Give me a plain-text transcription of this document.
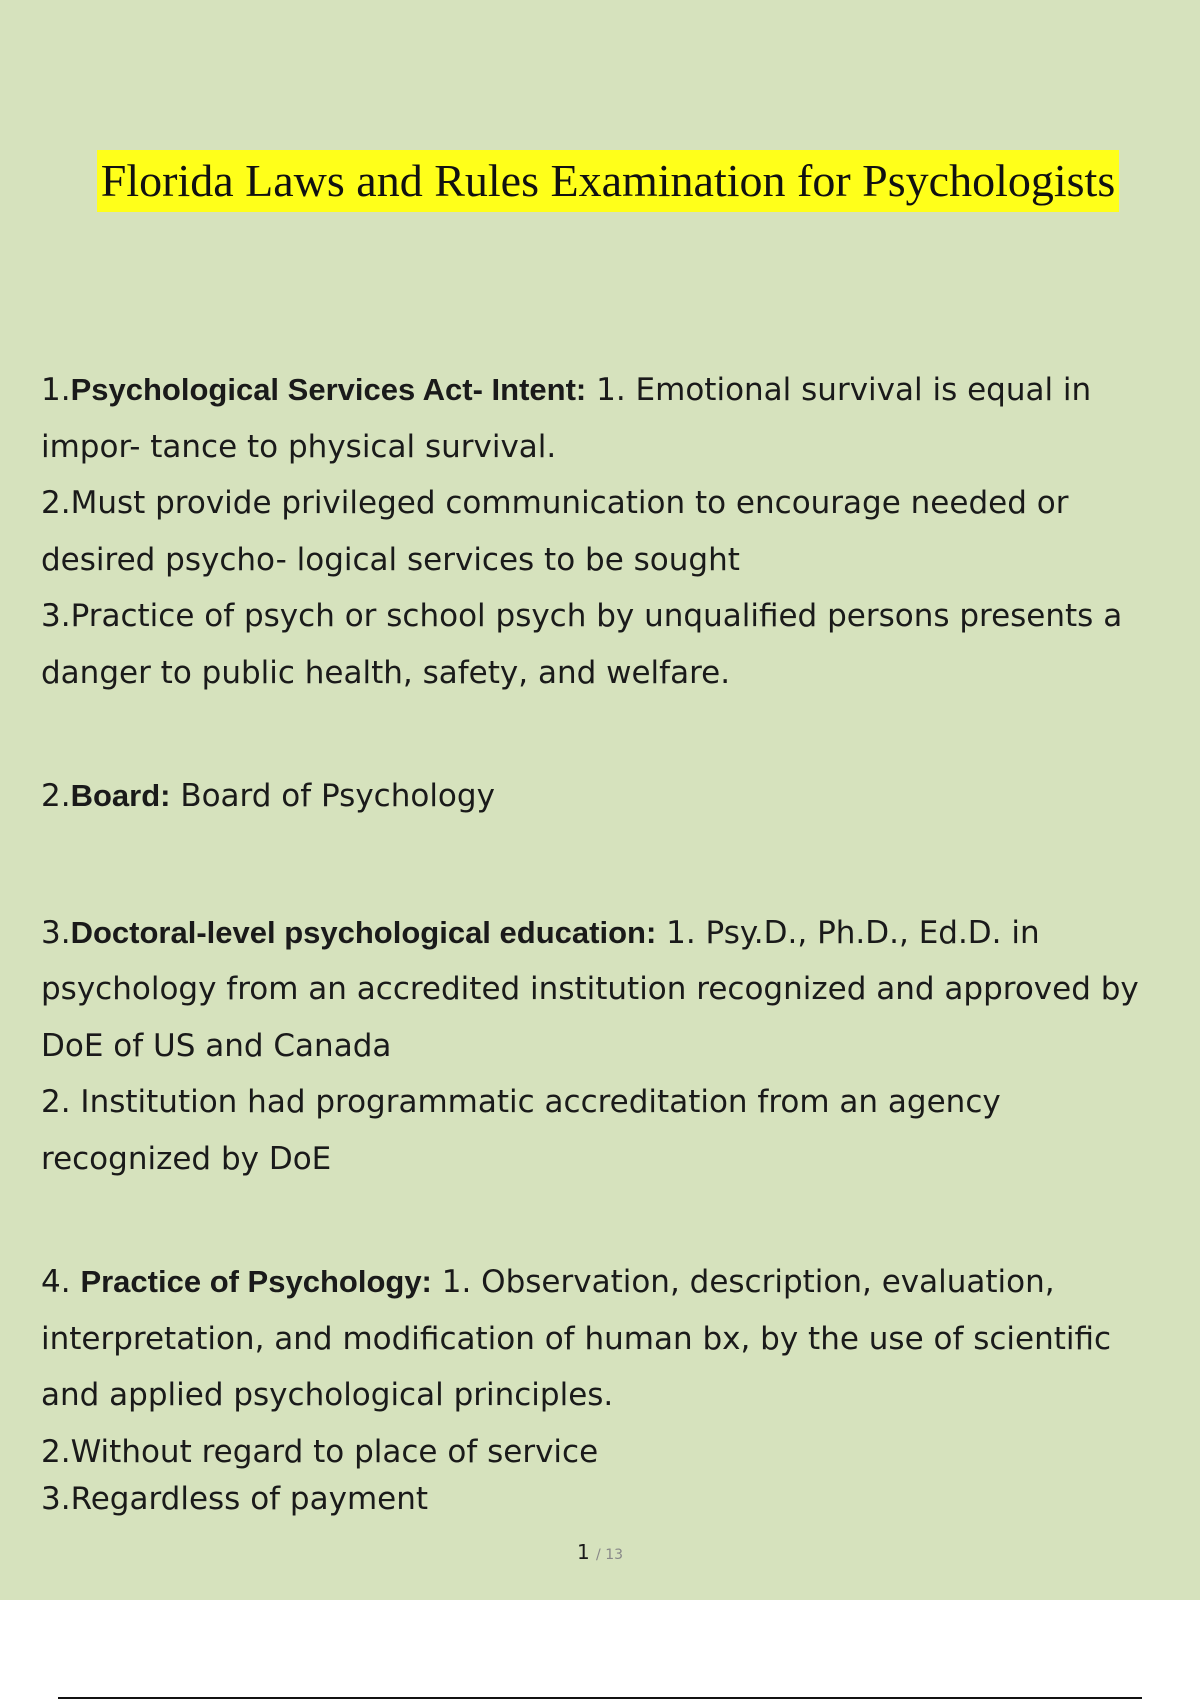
Florida Laws and Rules Examination for Psychologists
1.Psychological Services Act- Intent: 1. Emotional survival is equal in
impor- tance to physical survival.
2.Must provide privileged communication to encourage needed or
desired psycho- logical services to be sought
3.Practice of psych or school psych by unqualified persons presents a
danger to public health, safety, and welfare.
2.Board: Board of Psychology
3.Doctoral-level psychological education: 1. Psy.D., Ph.D., Ed.D. in
psychology from an accredited institution recognized and approved by
DoE of US and Canada
2. Institution had programmatic accreditation from an agency
recognized by DoE
4. Practice of Psychology: 1. Observation, description, evaluation,
interpretation, and modification of human bx, by the use of scientific
and applied psychological principles.
2.Without regard to place of service
3.Regardless of payment
1 / 13
